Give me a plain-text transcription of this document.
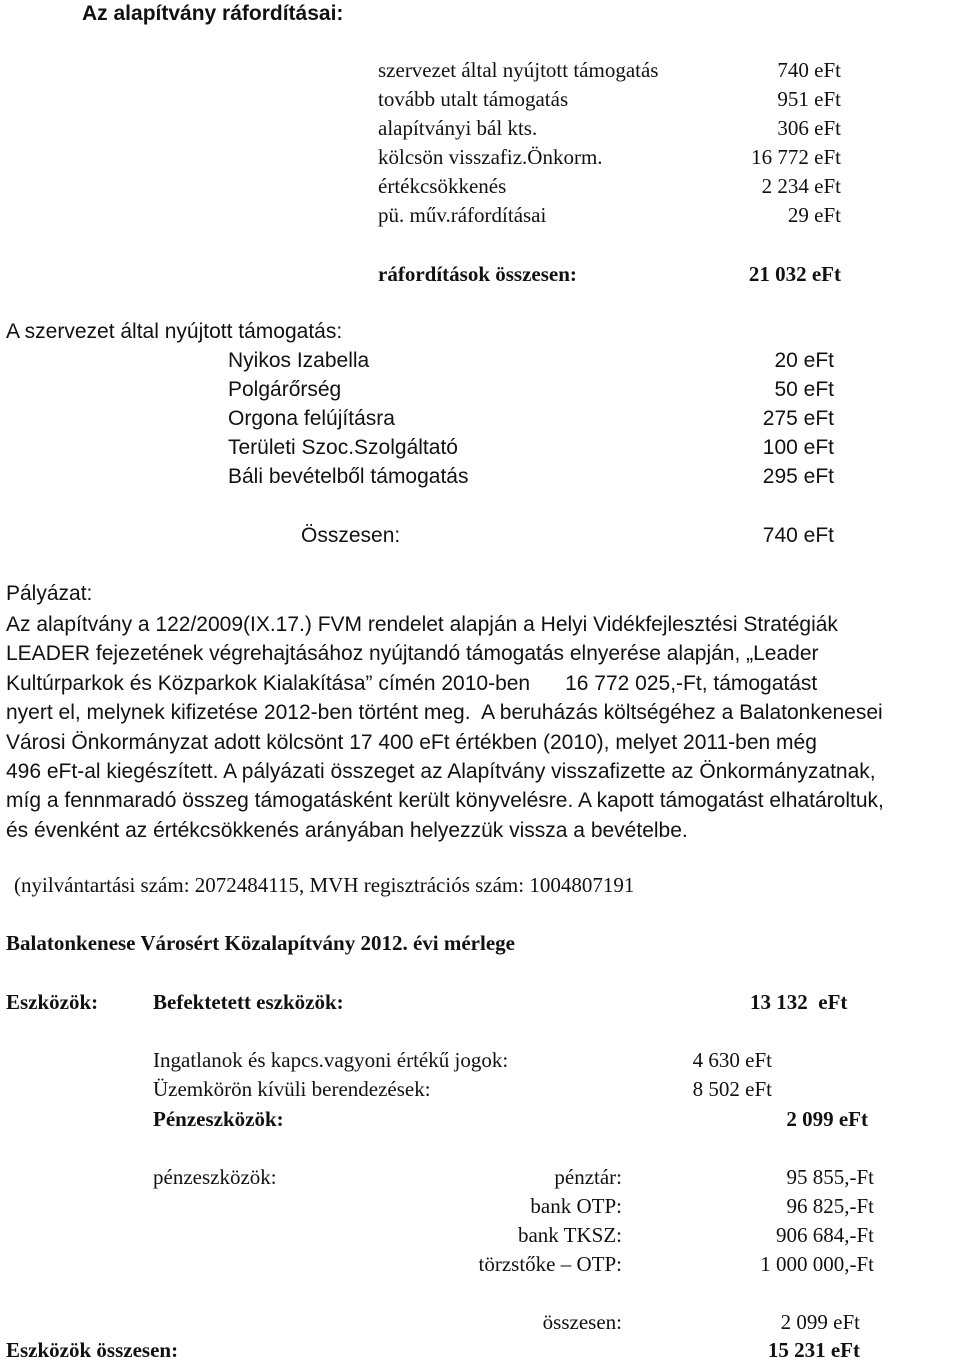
Az alapítvány ráfordításai:
szervezet által nyújtott támogatás	740 eFt
tovább utalt támogatás	951 eFt
alapítványi bál kts.	306 eFt
kölcsön visszafiz.Önkorm.	16 772 eFt
értékcsökkenés	2 234 eFt
pü. műv.ráfordításai	29 eFt
ráfordítások összesen:	21 032 eFt
A szervezet által nyújtott támogatás:
Nyikos Izabella	20 eFt
Polgárőrség	50 eFt
Orgona felújításra	275 eFt
Területi Szoc.Szolgáltató	100 eFt
Báli bevételből támogatás	295 eFt
Összesen:	740 eFt
Pályázat:

Az alapítvány a 122/2009(IX.17.) FVM rendelet alapján a Helyi Vidékfejlesztési Stratégiák

LEADER fejezetének végrehajtásához nyújtandó támogatás elnyerése alapján, „Leader

Kultúrparkok és Közparkok Kialakítása” címén 2010-ben      16 772 025,-Ft, támogatást

nyert el, melynek kifizetése 2012-ben történt meg.  A beruházás költségéhez a Balatonkenesei

Városi Önkormányzat adott kölcsönt 17 400 eFt értékben (2010), melyet 2011-ben még

496 eFt-al kiegészített. A pályázati összeget az Alapítvány visszafizette az Önkormányzatnak,

míg a fennmaradó összeg támogatásként került könyvelésre. A kapott támogatást elhatároltuk,

és évenként az értékcsökkenés arányában helyezzük vissza a bevételbe.

(nyilvántartási szám: 2072484115, MVH regisztrációs szám: 1004807191
Balatonkenese Városért Közalapítvány 2012. évi mérlege
Eszközök:	Befektetett eszközök:	13 132  eFt
Ingatlanok és kapcs.vagyoni értékű jogok:	4 630 eFt
Üzemkörön kívüli berendezések:	8 502 eFt
Pénzeszközök:	2 099 eFt
pénzeszközök:	pénztár:	95 855,-Ft
bank OTP:	96 825,-Ft
bank TKSZ:	906 684,-Ft
törzstőke – OTP:	1 000 000,-Ft
összesen:	2 099 eFt
Eszközök összesen:	15 231 eFt
